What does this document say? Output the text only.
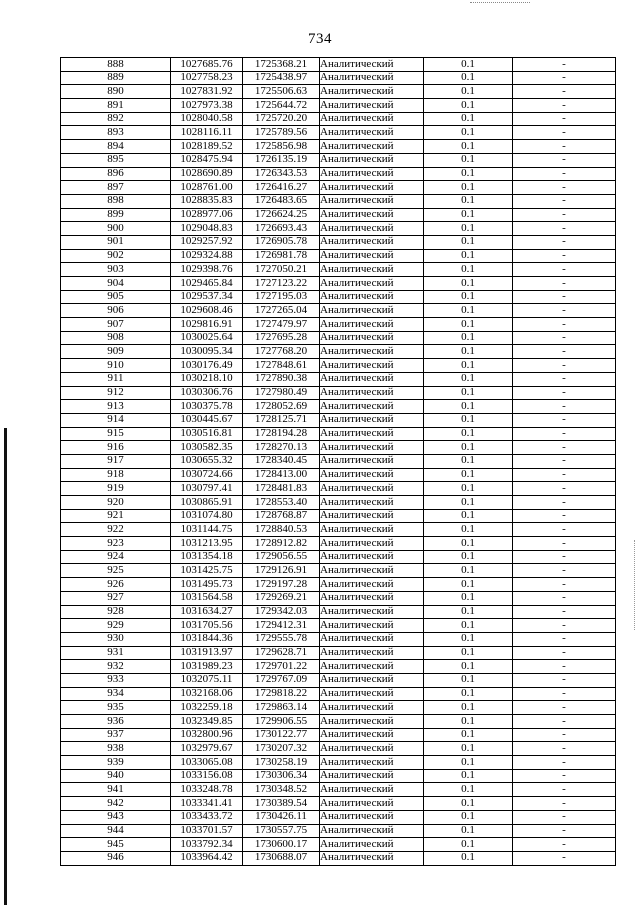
734
888	1027685.76	1725368.21	Аналитический	0.1	-
889	1027758.23	1725438.97	Аналитический	0.1	-
890	1027831.92	1725506.63	Аналитический	0.1	-
891	1027973.38	1725644.72	Аналитический	0.1	-
892	1028040.58	1725720.20	Аналитический	0.1	-
893	1028116.11	1725789.56	Аналитический	0.1	-
894	1028189.52	1725856.98	Аналитический	0.1	-
895	1028475.94	1726135.19	Аналитический	0.1	-
896	1028690.89	1726343.53	Аналитический	0.1	-
897	1028761.00	1726416.27	Аналитический	0.1	-
898	1028835.83	1726483.65	Аналитический	0.1	-
899	1028977.06	1726624.25	Аналитический	0.1	-
900	1029048.83	1726693.43	Аналитический	0.1	-
901	1029257.92	1726905.78	Аналитический	0.1	-
902	1029324.88	1726981.78	Аналитический	0.1	-
903	1029398.76	1727050.21	Аналитический	0.1	-
904	1029465.84	1727123.22	Аналитический	0.1	-
905	1029537.34	1727195.03	Аналитический	0.1	-
906	1029608.46	1727265.04	Аналитический	0.1	-
907	1029816.91	1727479.97	Аналитический	0.1	-
908	1030025.64	1727695.28	Аналитический	0.1	-
909	1030095.34	1727768.20	Аналитический	0.1	-
910	1030176.49	1727848.61	Аналитический	0.1	-
911	1030218.10	1727890.38	Аналитический	0.1	-
912	1030306.76	1727980.49	Аналитический	0.1	-
913	1030375.78	1728052.69	Аналитический	0.1	-
914	1030445.67	1728125.71	Аналитический	0.1	-
915	1030516.81	1728194.28	Аналитический	0.1	-
916	1030582.35	1728270.13	Аналитический	0.1	-
917	1030655.32	1728340.45	Аналитический	0.1	-
918	1030724.66	1728413.00	Аналитический	0.1	-
919	1030797.41	1728481.83	Аналитический	0.1	-
920	1030865.91	1728553.40	Аналитический	0.1	-
921	1031074.80	1728768.87	Аналитический	0.1	-
922	1031144.75	1728840.53	Аналитический	0.1	-
923	1031213.95	1728912.82	Аналитический	0.1	-
924	1031354.18	1729056.55	Аналитический	0.1	-
925	1031425.75	1729126.91	Аналитический	0.1	-
926	1031495.73	1729197.28	Аналитический	0.1	-
927	1031564.58	1729269.21	Аналитический	0.1	-
928	1031634.27	1729342.03	Аналитический	0.1	-
929	1031705.56	1729412.31	Аналитический	0.1	-
930	1031844.36	1729555.78	Аналитический	0.1	-
931	1031913.97	1729628.71	Аналитический	0.1	-
932	1031989.23	1729701.22	Аналитический	0.1	-
933	1032075.11	1729767.09	Аналитический	0.1	-
934	1032168.06	1729818.22	Аналитический	0.1	-
935	1032259.18	1729863.14	Аналитический	0.1	-
936	1032349.85	1729906.55	Аналитический	0.1	-
937	1032800.96	1730122.77	Аналитический	0.1	-
938	1032979.67	1730207.32	Аналитический	0.1	-
939	1033065.08	1730258.19	Аналитический	0.1	-
940	1033156.08	1730306.34	Аналитический	0.1	-
941	1033248.78	1730348.52	Аналитический	0.1	-
942	1033341.41	1730389.54	Аналитический	0.1	-
943	1033433.72	1730426.11	Аналитический	0.1	-
944	1033701.57	1730557.75	Аналитический	0.1	-
945	1033792.34	1730600.17	Аналитический	0.1	-
946	1033964.42	1730688.07	Аналитический	0.1	-
